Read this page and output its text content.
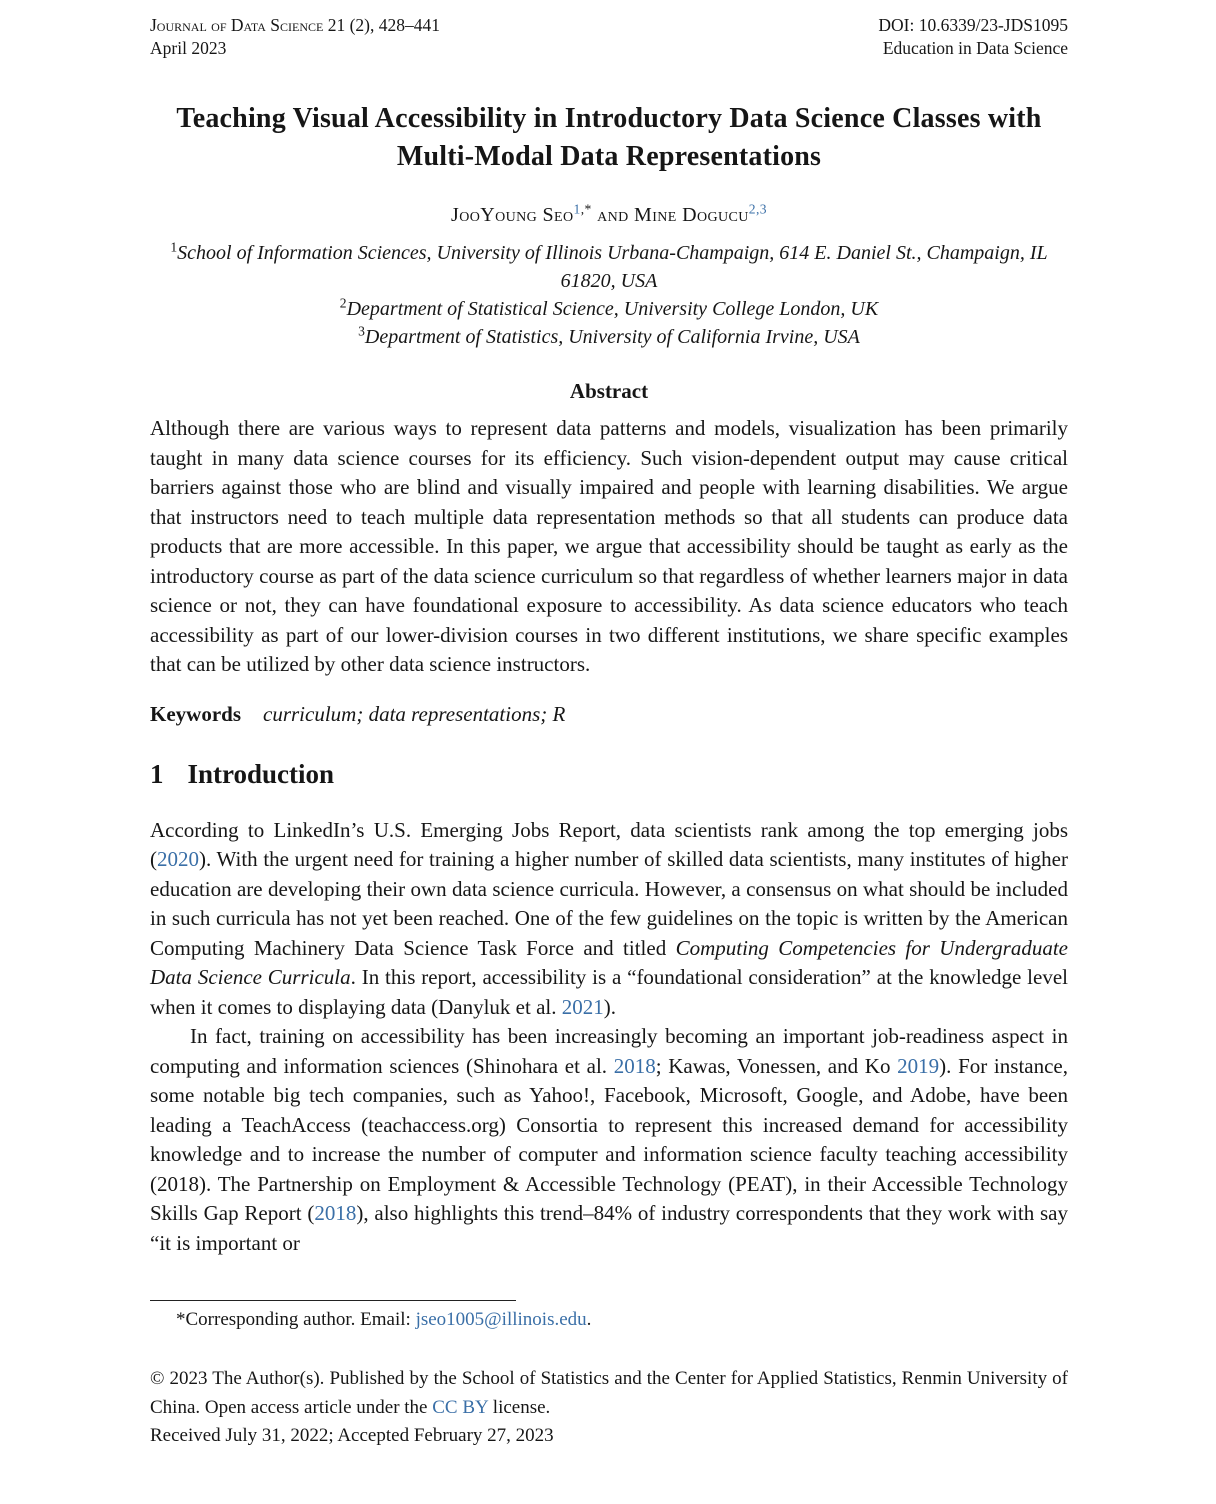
Journal of Data Science 21 (2), 428–441
April 2023
DOI: 10.6339/23-JDS1095
Education in Data Science
Teaching Visual Accessibility in Introductory Data Science Classes with Multi-Modal Data Representations
JooYoung Seo$^{1,*}$ and Mine Dogucu$^{2,3}$
$^1$School of Information Sciences, University of Illinois Urbana-Champaign, 614 E. Daniel St., Champaign, IL 61820, USA
$^2$Department of Statistical Science, University College London, UK
$^3$Department of Statistics, University of California Irvine, USA
Abstract

Although there are various ways to represent data patterns and models, visualization has been primarily taught in many data science courses for its efficiency. Such vision-dependent output may cause critical barriers against those who are blind and visually impaired and people with learning disabilities. We argue that instructors need to teach multiple data representation methods so that all students can produce data products that are more accessible. In this paper, we argue that accessibility should be taught as early as the introductory course as part of the data science curriculum so that regardless of whether learners major in data science or not, they can have foundational exposure to accessibility. As data science educators who teach accessibility as part of our lower-division courses in two different institutions, we share specific examples that can be utilized by other data science instructors.

Keywords curriculum; data representations; R
1 Introduction

According to LinkedIn’s U.S. Emerging Jobs Report, data scientists rank among the top emerging jobs (2020). With the urgent need for training a higher number of skilled data scientists, many institutes of higher education are developing their own data science curricula. However, a consensus on what should be included in such curricula has not yet been reached. One of the few guidelines on the topic is written by the American Computing Machinery Data Science Task Force and titled Computing Competencies for Undergraduate Data Science Curricula. In this report, accessibility is a “foundational consideration” at the knowledge level when it comes to displaying data (Danyluk et al. 2021).

In fact, training on accessibility has been increasingly becoming an important job-readiness aspect in computing and information sciences (Shinohara et al. 2018; Kawas, Vonessen, and Ko 2019). For instance, some notable big tech companies, such as Yahoo!, Facebook, Microsoft, Google, and Adobe, have been leading a TeachAccess (teachaccess.org) Consortia to represent this increased demand for accessibility knowledge and to increase the number of computer and information science faculty teaching accessibility (2018). The Partnership on Employment & Accessible Technology (PEAT), in their Accessible Technology Skills Gap Report (2018), also highlights this trend–84% of industry correspondents that they work with say “it is important or

*Corresponding author. Email: jseo1005@illinois.edu.

© 2023 The Author(s). Published by the School of Statistics and the Center for Applied Statistics, Renmin University of China. Open access article under the CC BY license.

Received July 31, 2022; Accepted February 27, 2023
